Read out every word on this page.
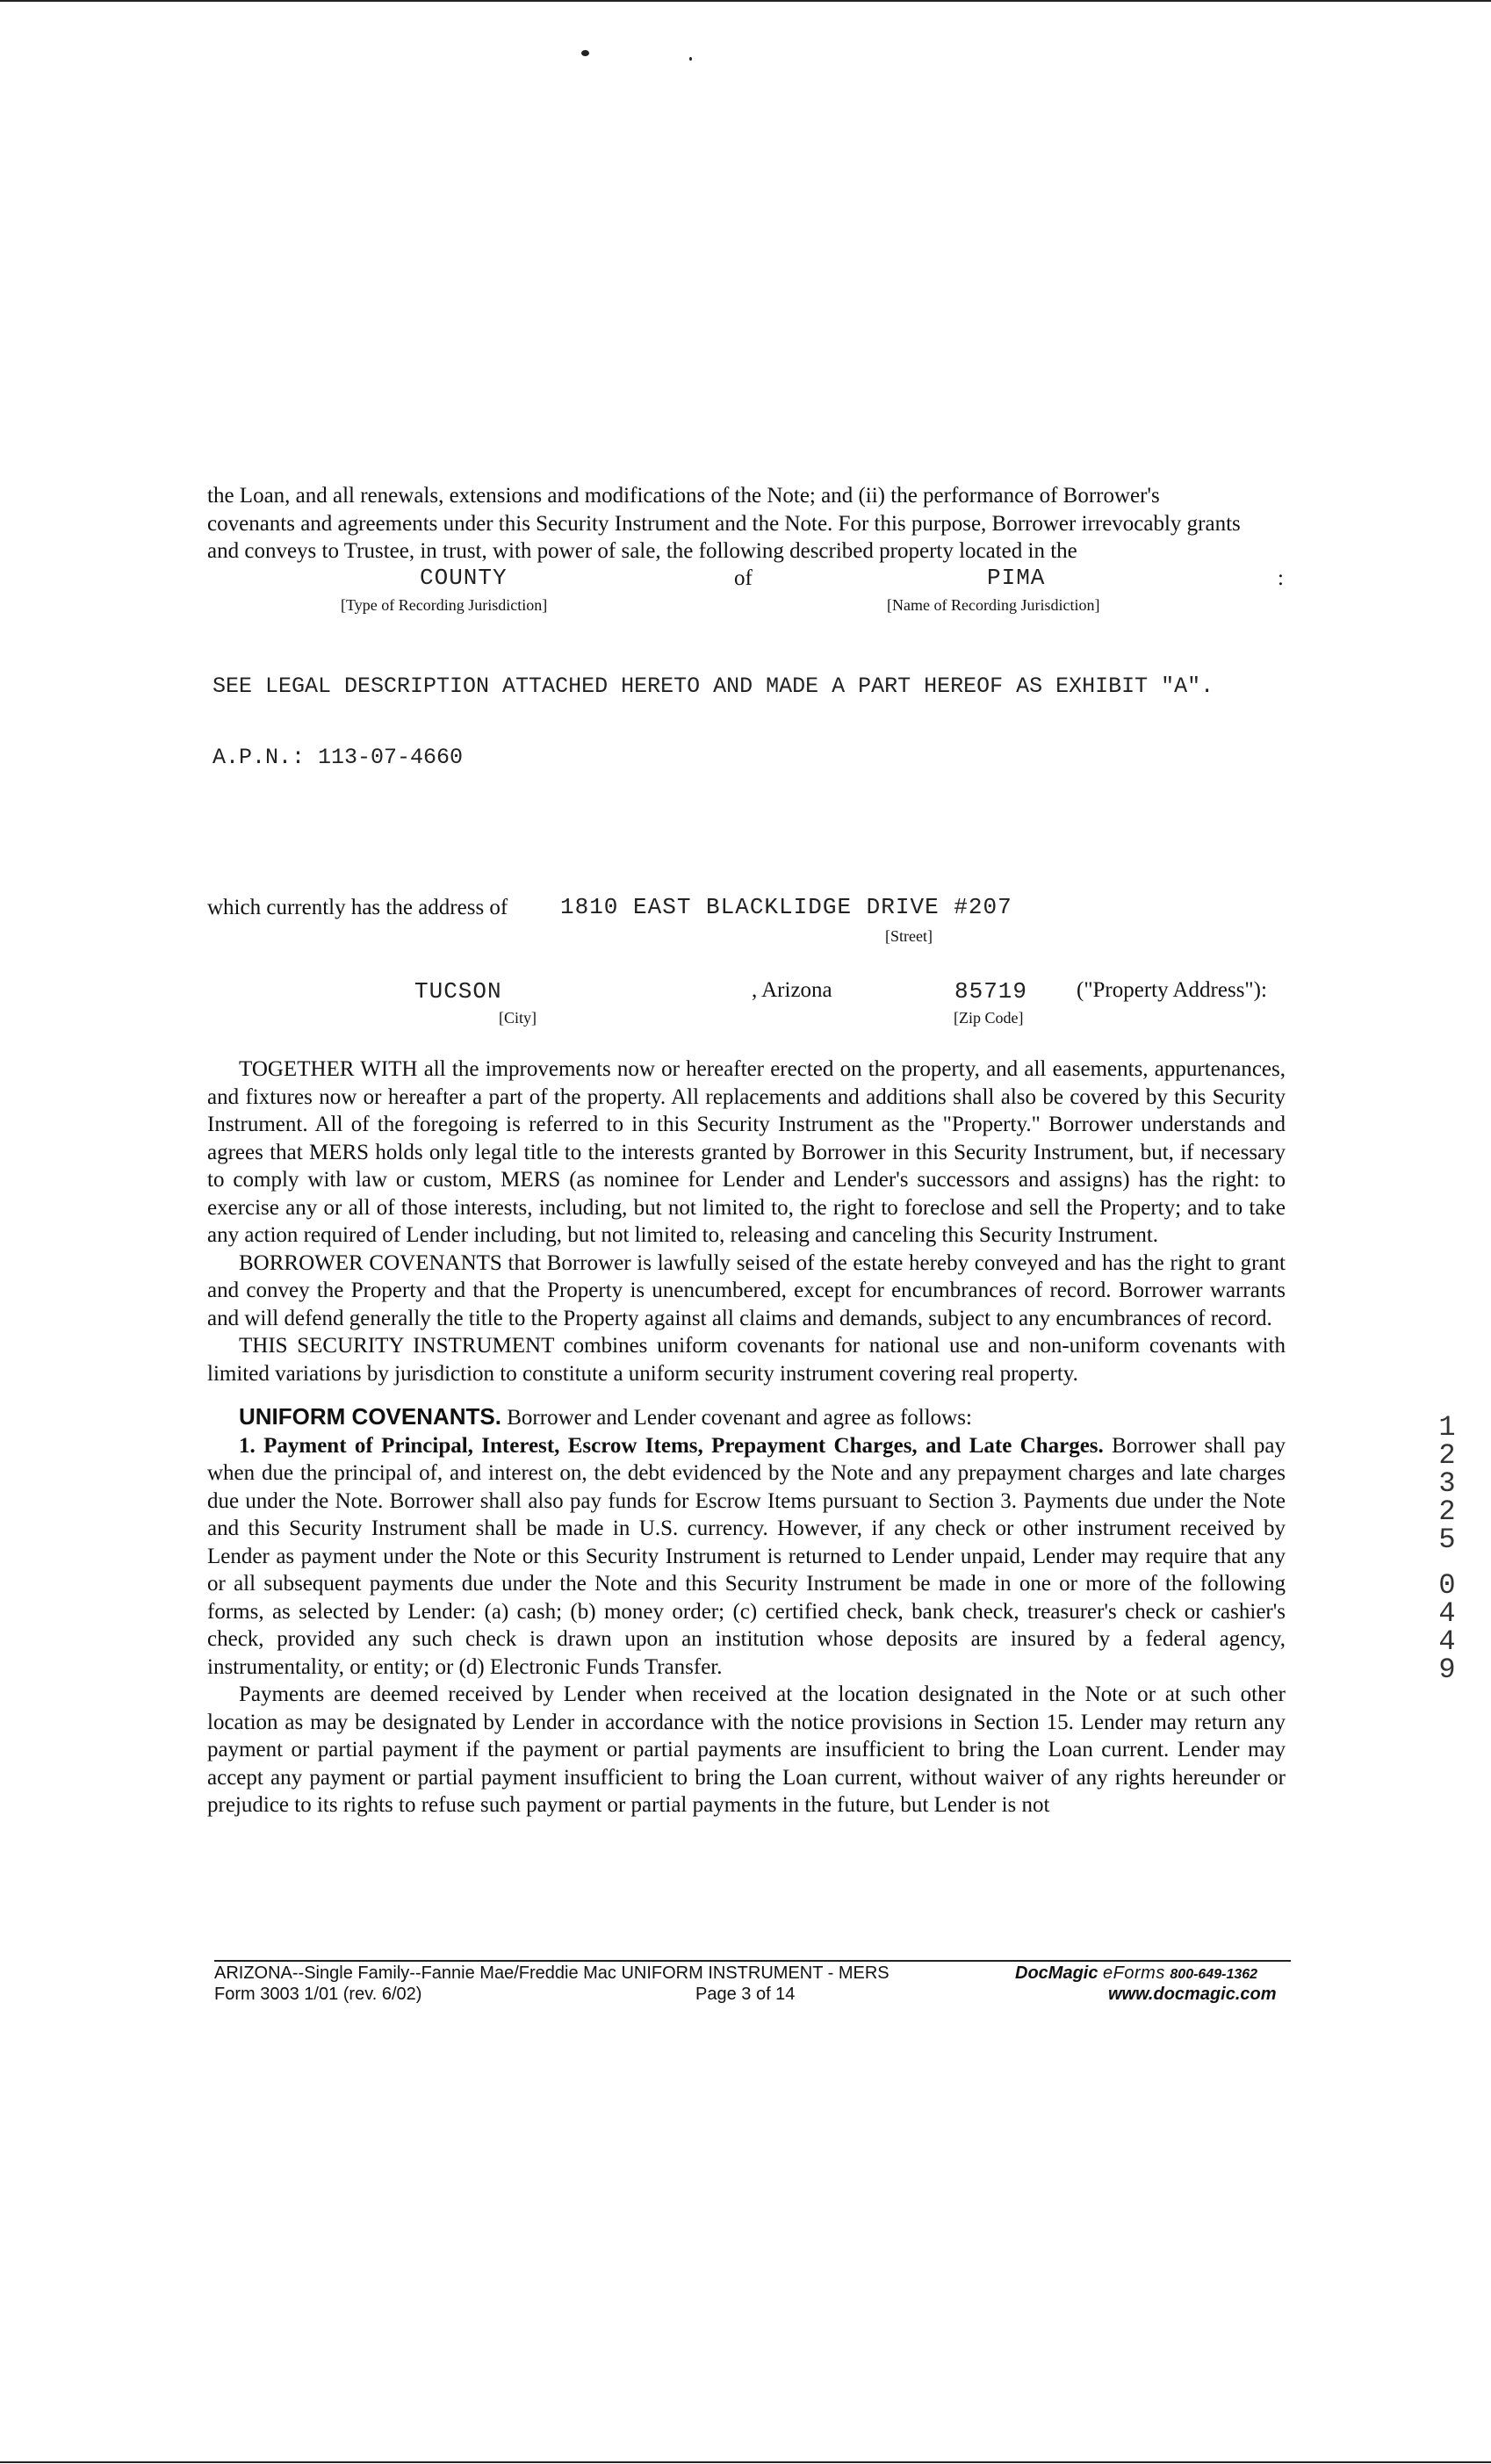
the Loan, and all renewals, extensions and modifications of the Note; and (ii) the performance of Borrower's

covenants and agreements under this Security Instrument and the Note. For this purpose, Borrower irrevocably grants

and conveys to Trustee, in trust, with power of sale, the following described property located in the

COUNTY	of	PIMA	:
[Type of Recording Jurisdiction]	[Name of Recording Jurisdiction]

SEE LEGAL DESCRIPTION ATTACHED HERETO AND MADE A PART HEREOF AS EXHIBIT "A".

A.P.N.: 113-07-4660

which currently has the address of 1810 EAST BLACKLIDGE DRIVE #207
[Street]
TUCSON	, Arizona	85719 ("Property Address"):
[City]	[Zip Code]

TOGETHER WITH all the improvements now or hereafter erected on the property, and all easements, appurtenances, and fixtures now or hereafter a part of the property. All replacements and additions shall also be covered by this Security Instrument. All of the foregoing is referred to in this Security Instrument as the "Property." Borrower understands and agrees that MERS holds only legal title to the interests granted by Borrower in this Security Instrument, but, if necessary to comply with law or custom, MERS (as nominee for Lender and Lender's successors and assigns) has the right: to exercise any or all of those interests, including, but not limited to, the right to foreclose and sell the Property; and to take any action required of Lender including, but not limited to, releasing and canceling this Security Instrument.

BORROWER COVENANTS that Borrower is lawfully seised of the estate hereby conveyed and has the right to grant and convey the Property and that the Property is unencumbered, except for encumbrances of record. Borrower warrants and will defend generally the title to the Property against all claims and demands, subject to any encumbrances of record.

THIS SECURITY INSTRUMENT combines uniform covenants for national use and non-uniform covenants with limited variations by jurisdiction to constitute a uniform security instrument covering real property.

UNIFORM COVENANTS. Borrower and Lender covenant and agree as follows:

1. Payment of Principal, Interest, Escrow Items, Prepayment Charges, and Late Charges. Borrower shall pay when due the principal of, and interest on, the debt evidenced by the Note and any prepayment charges and late charges due under the Note. Borrower shall also pay funds for Escrow Items pursuant to Section 3. Payments due under the Note and this Security Instrument shall be made in U.S. currency. However, if any check or other instrument received by Lender as payment under the Note or this Security Instrument is returned to Lender unpaid, Lender may require that any or all subsequent payments due under the Note and this Security Instrument be made in one or more of the following forms, as selected by Lender: (a) cash; (b) money order; (c) certified check, bank check, treasurer's check or cashier's check, provided any such check is drawn upon an institution whose deposits are insured by a federal agency, instrumentality, or entity; or (d) Electronic Funds Transfer.

Payments are deemed received by Lender when received at the location designated in the Note or at such other location as may be designated by Lender in accordance with the notice provisions in Section 15. Lender may return any payment or partial payment if the payment or partial payments are insufficient to bring the Loan current. Lender may accept any payment or partial payment insufficient to bring the Loan current, without waiver of any rights hereunder or prejudice to its rights to refuse such payment or partial payments in the future, but Lender is not

1
2
3
2
5
0
4
4
9
ARIZONA--Single Family--Fannie Mae/Freddie Mac UNIFORM INSTRUMENT - MERS
Form 3003 1/01 (rev. 6/02)	Page 3 of 14
DocMagic eForms 800-649-1362
www.docmagic.com
